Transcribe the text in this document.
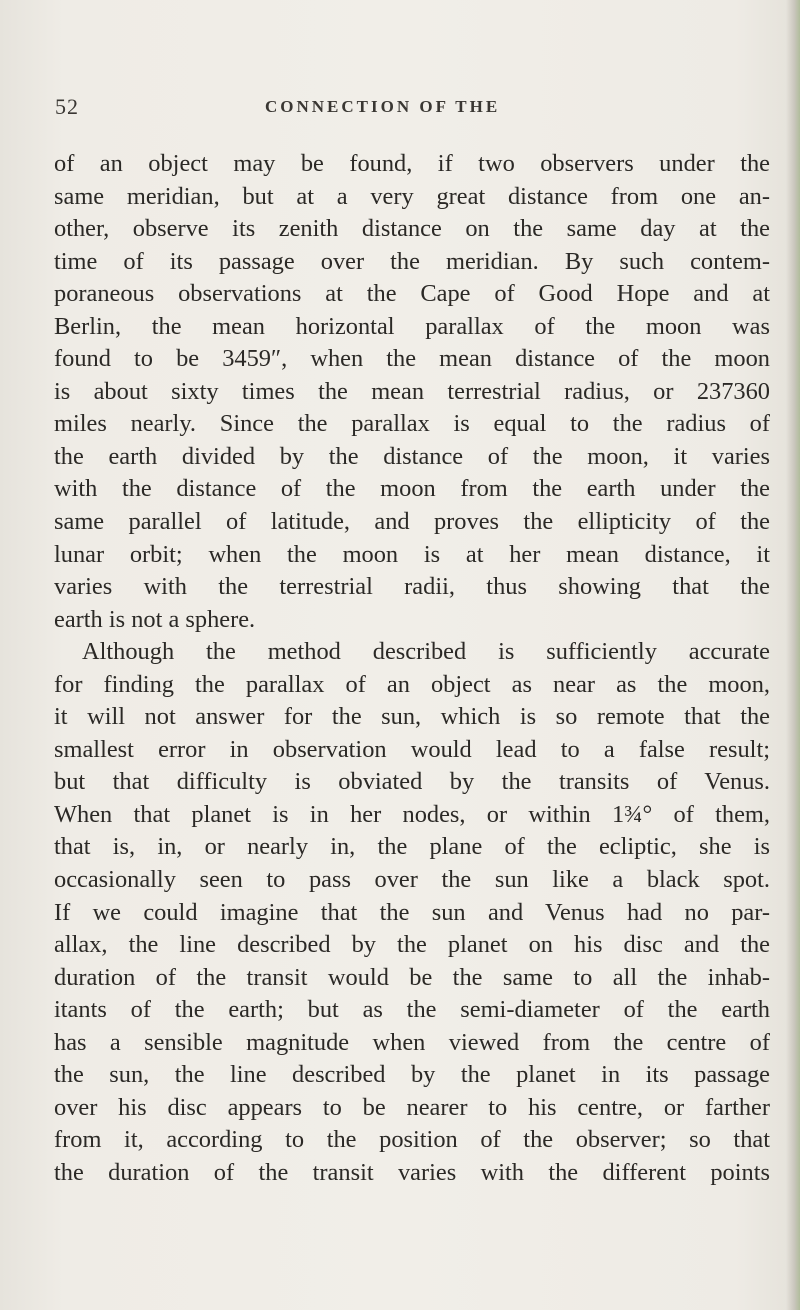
52	CONNECTION OF THE
of an object may be found, if two observers under the
same meridian, but at a very great distance from one an-
other, observe its zenith distance on the same day at the
time of its passage over the meridian. By such contem-
poraneous observations at the Cape of Good Hope and at
Berlin, the mean horizontal parallax of the moon was
found to be 3459″, when the mean distance of the moon
is about sixty times the mean terrestrial radius, or 237360
miles nearly. Since the parallax is equal to the radius of
the earth divided by the distance of the moon, it varies
with the distance of the moon from the earth under the
same parallel of latitude, and proves the ellipticity of the
lunar orbit; when the moon is at her mean distance, it
varies with the terrestrial radii, thus showing that the
earth is not a sphere.
Although the method described is sufficiently accurate
for finding the parallax of an object as near as the moon,
it will not answer for the sun, which is so remote that the
smallest error in observation would lead to a false result;
but that difficulty is obviated by the transits of Venus.
When that planet is in her nodes, or within 1¾° of them,
that is, in, or nearly in, the plane of the ecliptic, she is
occasionally seen to pass over the sun like a black spot.
If we could imagine that the sun and Venus had no par-
allax, the line described by the planet on his disc and the
duration of the transit would be the same to all the inhab-
itants of the earth; but as the semi-diameter of the earth
has a sensible magnitude when viewed from the centre of
the sun, the line described by the planet in its passage
over his disc appears to be nearer to his centre, or farther
from it, according to the position of the observer; so that
the duration of the transit varies with the different points
